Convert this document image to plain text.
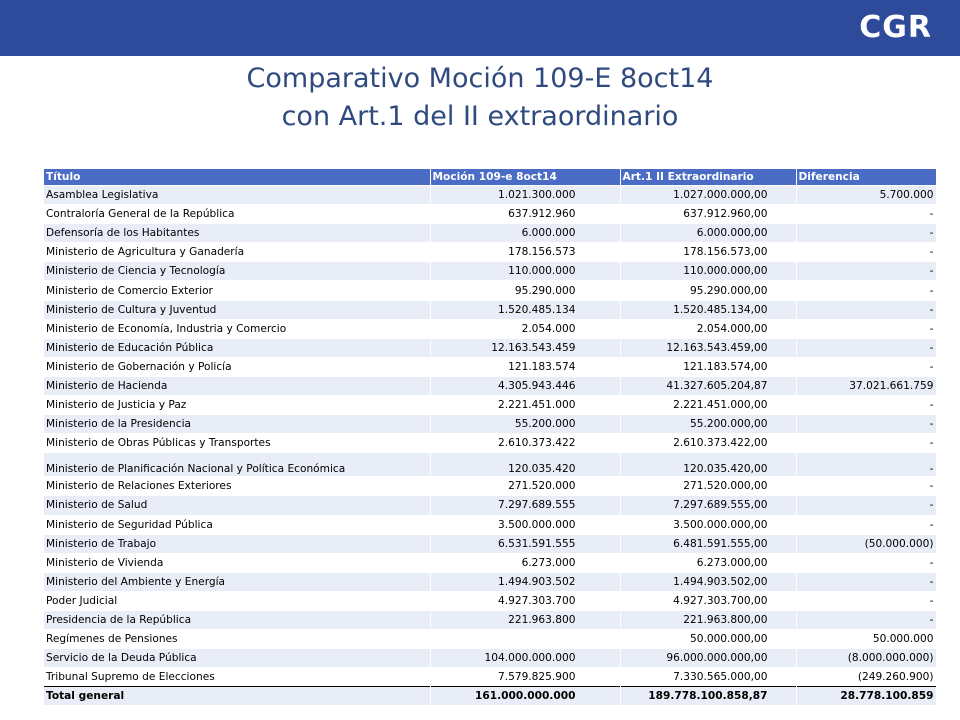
CGR
Comparativo Moción 109-E 8oct14
con Art.1 del II extraordinario
Título	Moción 109-e 8oct14	Art.1 II Extraordinario	Diferencia
Asamblea Legislativa	1.021.300.000	1.027.000.000,00	5.700.000
Contraloría General de la República	637.912.960	637.912.960,00	-
Defensoría de los Habitantes	6.000.000	6.000.000,00	-
Ministerio de Agricultura y Ganadería	178.156.573	178.156.573,00	-
Ministerio de Ciencia y Tecnología	110.000.000	110.000.000,00	-
Ministerio de Comercio Exterior	95.290.000	95.290.000,00	-
Ministerio de Cultura y Juventud	1.520.485.134	1.520.485.134,00	-
Ministerio de Economía, Industria y Comercio	2.054.000	2.054.000,00	-
Ministerio de Educación Pública	12.163.543.459	12.163.543.459,00	-
Ministerio de Gobernación y Policía	121.183.574	121.183.574,00	-
Ministerio de Hacienda	4.305.943.446	41.327.605.204,87	37.021.661.759
Ministerio de Justicia y Paz	2.221.451.000	2.221.451.000,00	-
Ministerio de la Presidencia	55.200.000	55.200.000,00	-
Ministerio de Obras Públicas y Transportes	2.610.373.422	2.610.373.422,00	-
Ministerio de Planificación Nacional y Política Económica	120.035.420	120.035.420,00	-
Ministerio de Relaciones Exteriores	271.520.000	271.520.000,00	-
Ministerio de Salud	7.297.689.555	7.297.689.555,00	-
Ministerio de Seguridad Pública	3.500.000.000	3.500.000.000,00	-
Ministerio de Trabajo	6.531.591.555	6.481.591.555,00	(50.000.000)
Ministerio de Vivienda	6.273.000	6.273.000,00	-
Ministerio del Ambiente y Energía	1.494.903.502	1.494.903.502,00	-
Poder Judicial	4.927.303.700	4.927.303.700,00	-
Presidencia de la República	221.963.800	221.963.800,00	-
Regímenes de Pensiones		50.000.000,00	50.000.000
Servicio de la Deuda Pública	104.000.000.000	96.000.000.000,00	(8.000.000.000)
Tribunal Supremo de Elecciones	7.579.825.900	7.330.565.000,00	(249.260.900)
Total general	161.000.000.000	189.778.100.858,87	28.778.100.859
